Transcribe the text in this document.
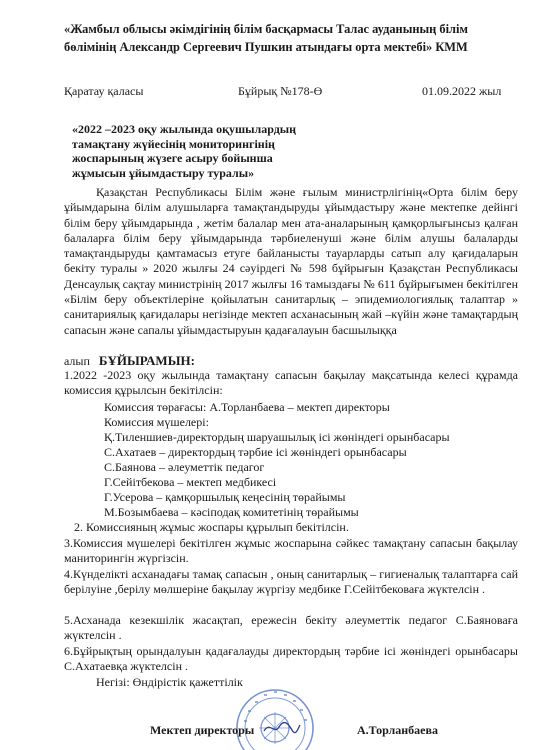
«Жамбыл облысы әкімдігінің білім басқармасы Талас ауданының білім
бөлімінің Александр Сергеевич Пушкин атындағы орта мектебі» КММ
Қаратау қаласы	Бұйрық №178-Ө	01.09.2022 жыл
«2022 –2023 оқу жылында оқушылардың
тамақтану жүйесінің мониторингінің
жоспарының жүзеге асыру бойынша
жұмысын ұйымдастыру туралы»
Қазақстан Республикасы Білім және ғылым министрлігінің«Орта білім беру ұйымдарына білім алушыларға тамақтандыруды ұйымдастыру және мектепке дейінгі білім беру ұйымдарында , жетім балалар мен ата-аналарының қамқорлығынсыз қалған балаларға білім беру ұйымдарында тәрбиеленуші және білім алушы балаларды тамақтандыруды қамтамасыз етуге байланысты тауарларды сатып алу қағидаларын бекіту туралы » 2020 жылғы 24 сәуірдегі № 598 бұйрығын Қазақстан Республикасы Денсаулық сақтау министрінің 2017 жылғы 16 тамыздағы № 611 бұйрығымен бекітілген «Білім беру объектілеріне қойылатын санитарлық – эпидемиологиялық талаптар » санитариялық қағидалары негізінде мектеп асханасының жай –күйін және тамақтардың сапасын және сапалы ұйымдастыруын қадағалауын басшылыққа
алып БҰЙЫРАМЫН:
1.2022 -2023 оқу жылында тамақтану сапасын бақылау мақсатында келесі құрамда комиссия құрылсын бекітілсін:
Комиссия төрағасы: А.Торланбаева – мектеп директоры
Комиссия мүшелері:
Қ.Тиленшиев-директордың шаруашылық ісі жөніндегі орынбасары
С.Ахатаев – директордың тәрбие ісі жөніндегі орынбасары
С.Баянова – әлеуметтік педагог
Г.Сейітбекова – мектеп медбикесі
Г.Усерова – қамқоршылық кеңесінің төрайымы
М.Бозымбаева – кәсіподақ комитетінің төрайымы
2. Комиссияның жұмыс жоспары құрылып бекітілсін.
3.Комиссия мүшелері бекітілген жұмыс жоспарына сәйкес тамақтану сапасын бақылау маниторингін жүргізсін.
4.Күнделікті асханадағы тамақ сапасын , оның санитарлық – гигиеналық талаптарға сай берілуіне ,берілу мөлшеріне бақылау жүргізу медбике Г.Сейітбековаға жүктелсін .
5.Асханада кезекшілік жасақтап, ережесін бекіту әлеуметтік педагог С.Баяноваға жүктелсін .
6.Бұйрықтың орындалуын қадағалауды директордың тәрбие ісі жөніндегі орынбасары С.Ахатаевқа жүктелсін .
Негізі: Өндірістік қажеттілік
Мектеп директоры	А.Торланбаева
